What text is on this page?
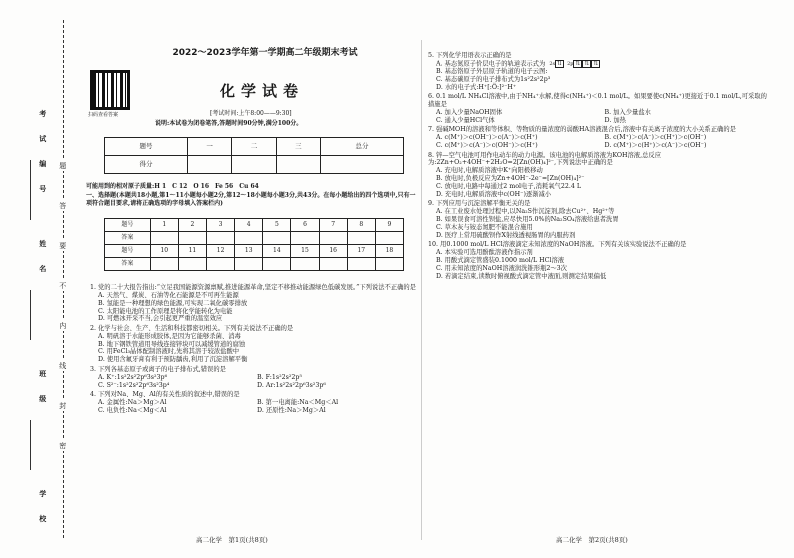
考试编号
姓名
班级
学校
题
答
要
不
内
线
封
密
2022～2023学年第一学期高二年级期末考试
扫码查看答案
化学试卷
[考试时间:上午8:00——9:30]
说明:本试卷为闭卷笔答,答题时间90分钟,满分100分。
题号	一	二	三	总分
得分				
可能用到的相对原子质量:H 1　C 12　O 16　Fe 56　Cu 64
一、选择题(本题共18小题,第1～11小题每小题2分,第12～18小题每小题3分,共43分。在每小题给出的四个选项中,只有一项符合题目要求,请将正确选项的字母填入答案栏内)
题号	1	2	3	4	5	6	7	8	9
答案									
题号	10	11	12	13	14	15	16	17	18
答案									
1. 党的二十大报告指出:“立足我国能源资源禀赋,推进能源革命,坚定不移推动能源绿色低碳发展。”下列说法不正确的是
A. 天然气、煤炭、石油等化石能源是不可再生能源
B. 氢能是一种理想的绿色能源,可实现二氧化碳零排放
C. 太阳能电池的工作原理是将化学能转化为电能
D. 可燃冰开采不当,会引起更严重的温室效应
2. 化学与社会、生产、生活和科技都密切相关。下列有关说法不正确的是
A. 明矾溶于水能形成胶体,是因为它能够杀菌、消毒
B. 地下钢铁管道用导线连接锌块可以减缓管道的腐蚀
C. 用FeCl₃晶体配制溶液时,先将其溶于较浓盐酸中
D. 使用含氟牙膏有利于预防龋齿,利用了沉淀溶解平衡
3. 下列各基态原子或离子的电子排布式,错误的是
A. K⁺:1s²2s²2p⁶3s²3p⁶	B. F:1s²2s²2p⁵
C. S²⁻:1s²2s²2p⁶3s²3p⁴	D. Ar:1s²2s²2p⁶3s²3p⁶
4. 下列对Na、Mg、Al的有关性质的叙述中,错误的是
A. 金属性:Na＞Mg＞Al	B. 第一电离能:Na＜Mg＜Al
C. 电负性:Na＜Mg＜Al	D. 还原性:Na＞Mg＞Al
5. 下列化学用语表示正确的是
A. 基态氮原子价层电子的轨道表示式为 2s ⇅ 2p ⇅ ⇅ ⇅
B. 基态铬原子外层原子轨道的电子云图:
C. 基态碳原子的电子排布式为1s²2s²2p³
D. 水的电子式:H⁺[:Ö:]²⁻H⁺
6. 0.1 mol/L NH₄Cl溶液中,由于NH₄⁺水解,使得c(NH₄⁺)＜0.1 mol/L。如果要使c(NH₄⁺)更接近于0.1 mol/L,可采取的措施是
A. 加入少量NaOH固体	B. 加入少量盐水
C. 通入少量HCl气体	D. 加热
7. 强碱MOH的溶液和等体积、等物质的量浓度的弱酸HA溶液混合后,溶液中有关离子浓度的大小关系正确的是
A. c(M⁺)＞c(OH⁻)＞c(A⁻)＞c(H⁺)	B. c(M⁺)＞c(A⁻)＞c(H⁺)＞c(OH⁻)
C. c(M⁺)＞c(A⁻)＞c(OH⁻)＞c(H⁺)	D. c(M⁺)＞c(H⁺)＞c(A⁻)＞c(OH⁻)
8. 锌—空气电池可用作电动车的动力电源。该电池的电解质溶液为KOH溶液,总反应为:2Zn+O₂+4OH⁻+2H₂O=2[Zn(OH)₄]²⁻,下列说法中正确的是
A. 充电时,电解质溶液中K⁺向阳极移动
B. 放电时,负极反应为Zn+4OH⁻-2e⁻=[Zn(OH)₄]²⁻
C. 放电时,电路中每通过2 mol电子,消耗氧气22.4 L
D. 充电时,电解质溶液中c(OH⁻)逐渐减小
9. 下列应用与沉淀溶解平衡无关的是
A. 在工业废水处理过程中,以Na₂S作沉淀剂,除去Cu²⁺、Hg²⁺等
B. 如果误食可溶性钡盐,应尽快用5.0%的Na₂SO₄溶液给患者洗胃
C. 草木灰与铵态氮肥不能混合施用
D. 医疗上常用硫酸钡作X射线透视肠胃的内服药剂
10. 用0.1000 mol/L HCl溶液滴定未知浓度的NaOH溶液。下列有关该实验说法不正确的是
A. 本实验可选用酚酞溶液作指示剂
B. 用酸式滴定管盛装0.1000 mol/L HCl溶液
C. 用未知浓度的NaOH溶液润洗锥形瓶2～3次
D. 若滴定结束,读数时俯视酸式滴定管中液面,则测定结果偏低
高二化学　第1页(共8页)	高二化学　第2页(共8页)
